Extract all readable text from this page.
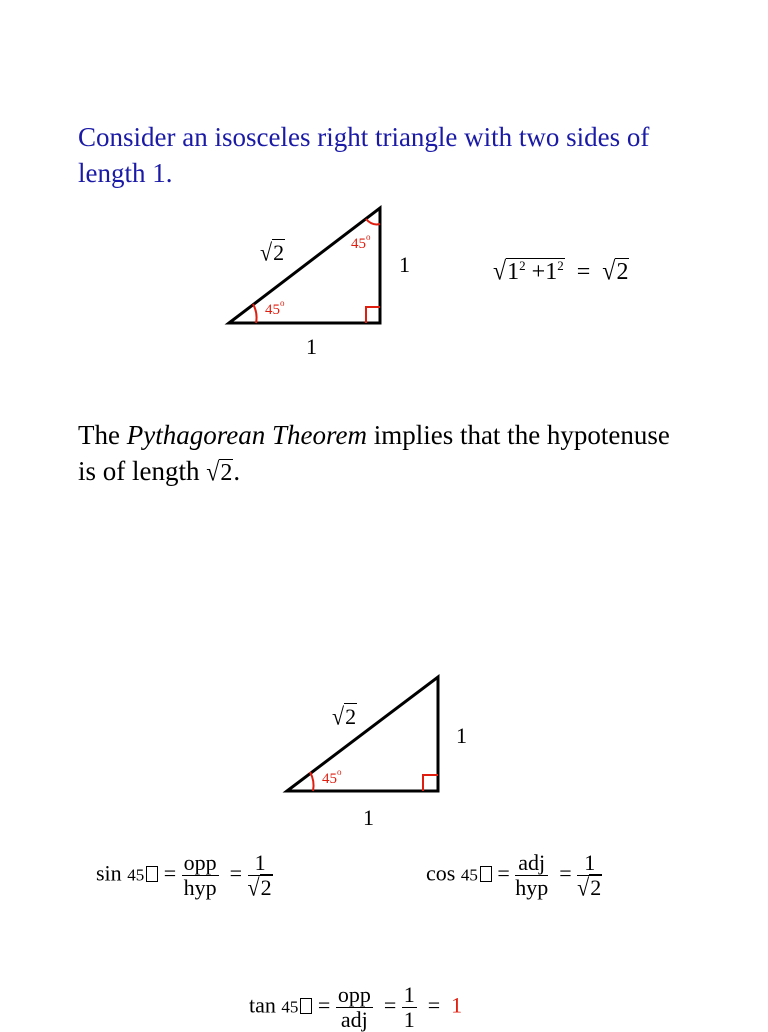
Consider an isosceles right triangle with two sides of
length 1.
√2	45$^o$
45$^o$
1
1
$√1^2 +1^2 = √2$
The Pythagorean Theorem implies that the hypotenuse
is of length √2.
√2
45$^o$
1
1
$\sin 45 = \frac{\text{opp}}{\text{hyp}} = \frac{1}{√2}$	$\cos 45 = \frac{\text{adj}}{\text{hyp}} = \frac{1}{√2}$
$\tan 45 = \frac{\text{opp}}{\text{adj}} = \frac{1}{1} = 1$
